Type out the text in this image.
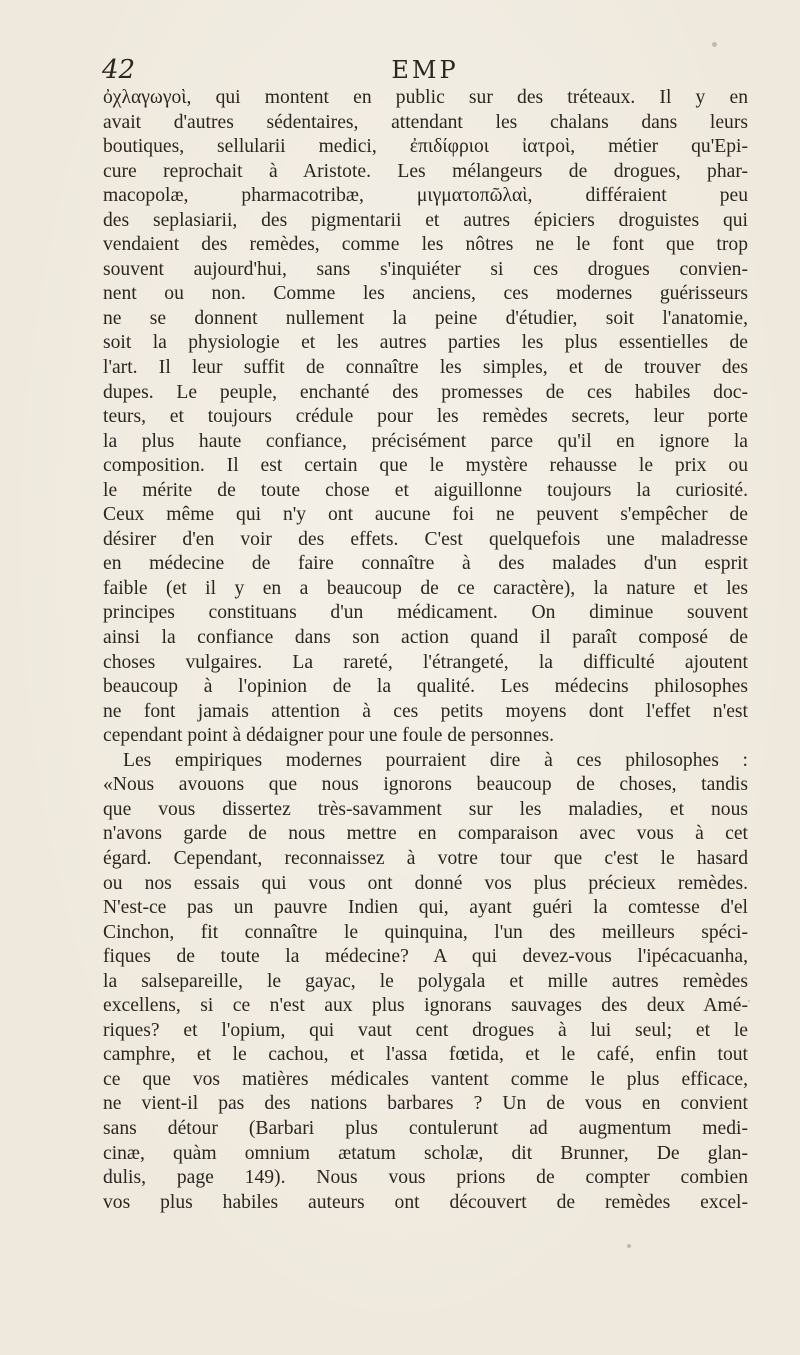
42	EMP
ὀχλαγωγοὶ, qui montent en public sur des tréteaux. Il y en
avait d'autres sédentaires, attendant les chalans dans leurs
boutiques, sellularii medici, ἐπιδίφριοι ἰατροὶ, métier qu'Epi-
cure reprochait à Aristote. Les mélangeurs de drogues, phar-
macopolæ, pharmacotribæ, μιγματοπῶλαὶ, différaient peu
des seplasiarii, des pigmentarii et autres épiciers droguistes qui
vendaient des remèdes, comme les nôtres ne le font que trop
souvent aujourd'hui, sans s'inquiéter si ces drogues convien-
nent ou non. Comme les anciens, ces modernes guérisseurs
ne se donnent nullement la peine d'étudier, soit l'anatomie,
soit la physiologie et les autres parties les plus essentielles de
l'art. Il leur suffit de connaître les simples, et de trouver des
dupes. Le peuple, enchanté des promesses de ces habiles doc-
teurs, et toujours crédule pour les remèdes secrets, leur porte
la plus haute confiance, précisément parce qu'il en ignore la
composition. Il est certain que le mystère rehausse le prix ou
le mérite de toute chose et aiguillonne toujours la curiosité.
Ceux même qui n'y ont aucune foi ne peuvent s'empêcher de
désirer d'en voir des effets. C'est quelquefois une maladresse
en médecine de faire connaître à des malades d'un esprit
faible (et il y en a beaucoup de ce caractère), la nature et les
principes constituans d'un médicament. On diminue souvent
ainsi la confiance dans son action quand il paraît composé de
choses vulgaires. La rareté, l'étrangeté, la difficulté ajoutent
beaucoup à l'opinion de la qualité. Les médecins philosophes
ne font jamais attention à ces petits moyens dont l'effet n'est
cependant point à dédaigner pour une foule de personnes.
Les empiriques modernes pourraient dire à ces philosophes :
«Nous avouons que nous ignorons beaucoup de choses, tandis
que vous dissertez très-savamment sur les maladies, et nous
n'avons garde de nous mettre en comparaison avec vous à cet
égard. Cependant, reconnaissez à votre tour que c'est le hasard
ou nos essais qui vous ont donné vos plus précieux remèdes.
N'est-ce pas un pauvre Indien qui, ayant guéri la comtesse d'el
Cinchon, fit connaître le quinquina, l'un des meilleurs spéci-
fiques de toute la médecine? A qui devez-vous l'ipécacuanha,
la salsepareille, le gayac, le polygala et mille autres remèdes
excellens, si ce n'est aux plus ignorans sauvages des deux Amé-
riques? et l'opium, qui vaut cent drogues à lui seul; et le
camphre, et le cachou, et l'assa fœtida, et le café, enfin tout
ce que vos matières médicales vantent comme le plus efficace,
ne vient-il pas des nations barbares ? Un de vous en convient
sans détour (Barbari plus contulerunt ad augmentum medi-
cinæ, quàm omnium ætatum scholæ, dit Brunner, De glan-
dulis, page 149). Nous vous prions de compter combien
vos plus habiles auteurs ont découvert de remèdes excel-
